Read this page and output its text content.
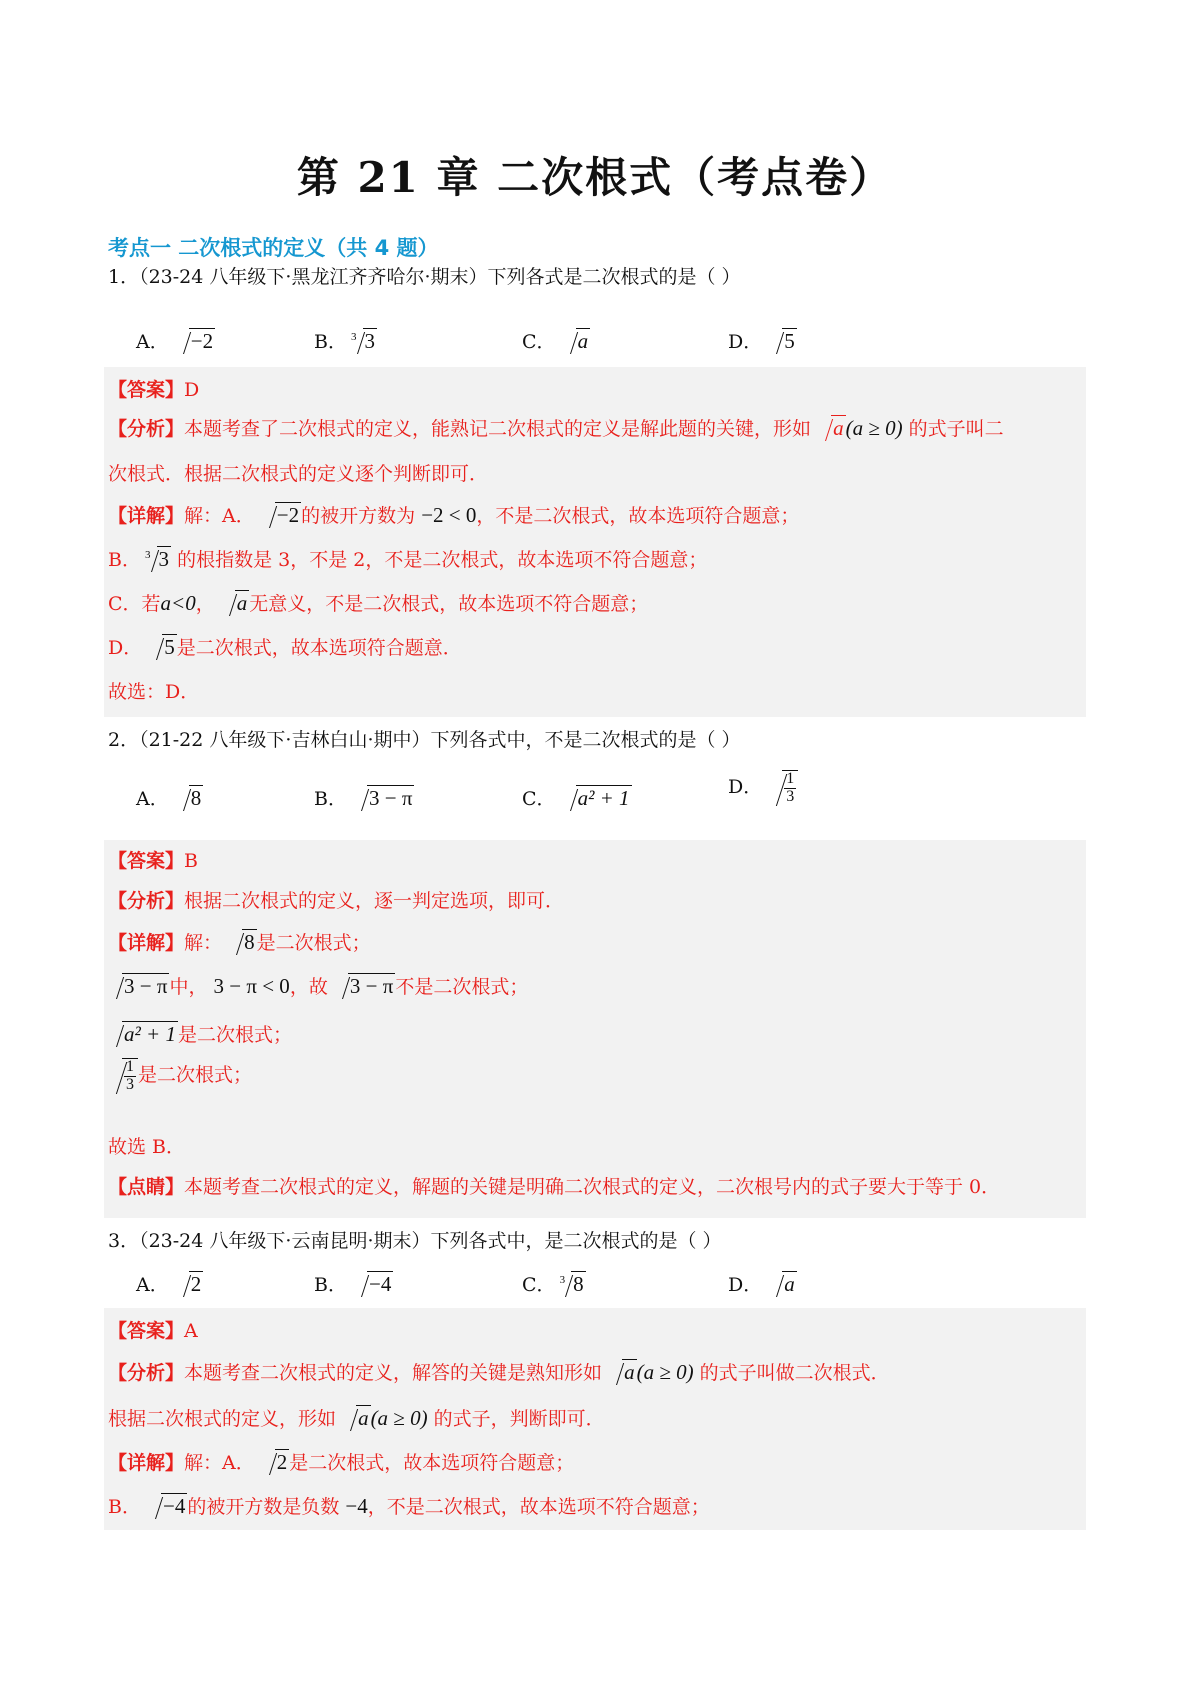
第 21 章 二次根式（考点卷）
考点一 二次根式的定义（共 4 题）
1．（23-24 八年级下·黑龙江齐齐哈尔·期末）下列各式是二次根式的是（ ）
A． −2	B． $^3$ 3	C． a	D． 5
【答案】D
【分析】本题考查了二次根式的定义，能熟记二次根式的定义是解此题的关键，形如 a(a ≥ 0) 的式子叫二
次根式．根据二次根式的定义逐个判断即可．
【详解】解：A． −2 的被开方数为 −2 < 0，不是二次根式，故本选项符合题意；
B． $^3$ 3 的根指数是 3，不是 2，不是二次根式，故本选项不符合题意；
C．若a<0， a 无意义，不是二次根式，故本选项不符合题意；
D． 5 是二次根式，故本选项符合题意．
故选：D．
2．（21-22 八年级下·吉林白山·期中）下列各式中，不是二次根式的是（ ）
A． 8	B． 3 − π	C． a² + 1	D． $\frac{1}{3}$
【答案】B
【分析】根据二次根式的定义，逐一判定选项，即可．
【详解】解： 8 是二次根式；
3 − π 中， 3 − π < 0，故 3 − π 不是二次根式；
a² + 1 是二次根式；
$\frac{1}{3}$ 是二次根式；
故选 B．
【点睛】本题考查二次根式的定义，解题的关键是明确二次根式的定义，二次根号内的式子要大于等于 0．
3．（23-24 八年级下·云南昆明·期末）下列各式中，是二次根式的是（ ）
A． 2	B． −4	C． $^3$ 8	D． a
【答案】A
【分析】本题考查二次根式的定义，解答的关键是熟知形如 a(a ≥ 0) 的式子叫做二次根式．
根据二次根式的定义，形如 a(a ≥ 0) 的式子，判断即可．
【详解】解：A． 2 是二次根式，故本选项符合题意；
B． −4 的被开方数是负数 −4，不是二次根式，故本选项不符合题意；
